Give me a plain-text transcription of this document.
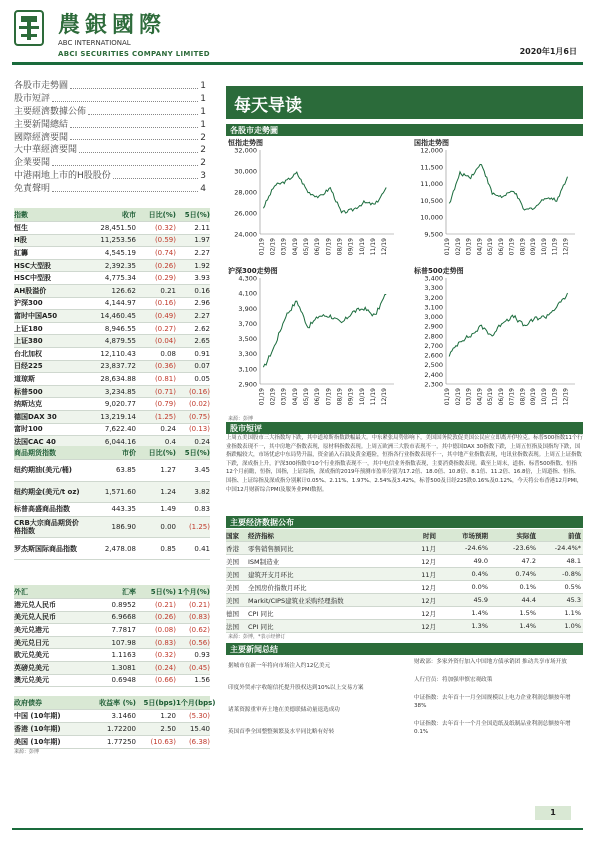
農銀國際
ABC INTERNATIONAL
ABCI SECURITIES COMPANY LIMITED	2020年1月6日
各股市走勢圖	1
股市短評	1
主要經濟數據公佈	1
主要新聞總結	1
國際經濟要聞	2
大中華經濟要聞	2
企業要聞	2
中港兩地上市的H股股份	3
免責聲明	4
指數	收市	日比(%)	5日(%)
恒生	28,451.50	(0.32)	2.11
H股	11,253.56	(0.59)	1.97
紅籌	4,545.19	(0.74)	2.27
HSC大型股	2,392.35	(0.26)	1.92
HSC中型股	4,775.34	(0.29)	3.93
AH股溢价	126.62	0.21	0.16
沪深300	4,144.97	(0.16)	2.96
富时中国A50	14,460.45	(0.49)	2.27
上证180	8,946.55	(0.27)	2.62
上证380	4,879.55	(0.04)	2.65
台北加权	12,110.43	0.08	0.91
日经225	23,837.72	(0.36)	0.07
道琼斯	28,634.88	(0.81)	0.05
标普500	3,234.85	(0.71)	(0.16)
纳斯达克	9,020.77	(0.79)	(0.02)
德国DAX 30	13,219.14	(1.25)	(0.75)
富时100	7,622.40	0.24	(0.13)
法国CAC 40	6,044.16	0.4	0.24
商品期货指数	市价	日比(%)	5日(%)
纽约期油(美元/桶)	63.85	1.27	3.45
纽约期金(美元/t oz)	1,571.60	1.24	3.82
标普高盛商品指数	443.35	1.49	0.83
CRB大宗商品期货价格指数	186.90	0.00	(1.25)
罗杰斯国际商品指数	2,478.08	0.85	0.41
外汇	汇率	5日(%) 1个月(%)
港元兑人民币	0.8952	(0.21)	(0.21)
美元兑人民币	6.9668	(0.26)	(0.83)
美元兑港元	7.7817	(0.08)	(0.62)
美元兑日元	107.98	(0.83)	(0.56)
欧元兑美元	1.1163	(0.32)	0.93
英磅兑美元	1.3081	(0.24)	(0.45)
澳元兑美元	0.6948	(0.66)	1.56
政府债券	收益率 (%)	5日(bps) 1个月(bps)
中国 (10年期)	3.1460	1.20	(5.30)
香港 (10年期)	1.72200	2.50	15.40
美国 (10年期)	1.77250	(10.63)	(6.38)
来源：彭博
每天导读
各股市走勢圖
恒指走势图	国指走势图
沪深300走势图	标普500走势图
32,000
30,000
28,000
26,000
24,000
01/19 02/19 03/19 04/19 05/19 06/19 07/19 08/19 09/19 10/19 11/19 12/19
12,000
11,500
11,000
10,500
10,000
9,500
01/19 02/19 03/19 04/19 05/19 06/19 07/19 08/19 09/19 10/19 11/19 12/19
4,300
4,100
3,900
3,700
3,500
3,300
3,100
2,900
01/19 02/19 03/19 04/19 05/19 06/19 07/19 08/19 09/19 10/19 11/19 12/19
3,400
3,300
3,200
3,100
3,000
2,900
2,800
2,700
2,600
2,500
2,400
2,300
01/19 02/19 03/19 04/19 05/19 06/19 07/19 08/19 09/19 10/19 11/19 12/19
来源：彭博
股市短评
上周五美国股市三大指数均下跌，其中道琼斯指数跌幅最大。中东紧张局势影响下，美国国务院敦促美国公民应立即离开伊拉克。标普500指数11个行业指数表现不一，其中房地产指数表现，原材料指数表现。上周五欧洲三大股市表现不一，其中德国DAX 30指数下跌，上周五恒指及国指均下跌，国指跌幅较大，市场忧虑中东局势升温，资金涌入石油及黄金避险，恒指各行业指数表现不一，其中地产业指数表现，电讯业指数表现。上周五上证指数下跌，深成指上升，沪深300指数中10个行业指数表现不一，其中电信业务指数表现，主要消费指数表现。截至上周末，道指、标普500指数、恒指12个月前瞻，恒指，国指，上证综指，深成指的2019年预测市盈率分别为17.2倍、18.0倍、10.8倍、8.1倍、11.2倍、16.8倍，上周道指、恒指、国指、上证综指及深成指分别累计0.05%、2.11%、1.97%、2.54%及3.42%，标普500及日经225跌0.16%及0.12%，今天将公布香港12月PMI，中国12月财新综合PMI及服务业PMI数据。
主要经济数据公布
国家	经济指标	时间	市场预期	实际值	前值
香港	零售销售额同比	11月	-24.6%	-23.6%	-24.4%*
美国	ISM制造业	12月	49.0	47.2	48.1
美国	建筑开支月环比	11月	0.4%	0.74%	-0.8%
美国	全国房价指数月环比	12月	0.0%	0.1%	0.5%
美国	Markit/CIPS建筑业采购经理指数	12月	45.9	44.4	45.3
德国	CPI 同比	12月	1.4%	1.5%	1.1%
法国	CPI 同比	12月	1.3%	1.4%	1.0%
来源：彭博，*表示经修订
主要新闻总结
据城市在新一年将向市场注入约12亿美元
印度外贸赤字收缩信托提升股权达到10%以上交易方案
诸莱资源重审弃土地在美德联储动量退选成功
英国首季全国整整频繁及水平同比略有好转
财政部：多家外资行加入中国地方债承销团 推动共享市场开放
人行官员：将加强审慎宏观政策
中证指数：去年首十一月全国规模以上电力企业利润总额按年增38%
中证指数：去年首十一个月全国造纸及纸制品业利润总额按年增0.1%
1
